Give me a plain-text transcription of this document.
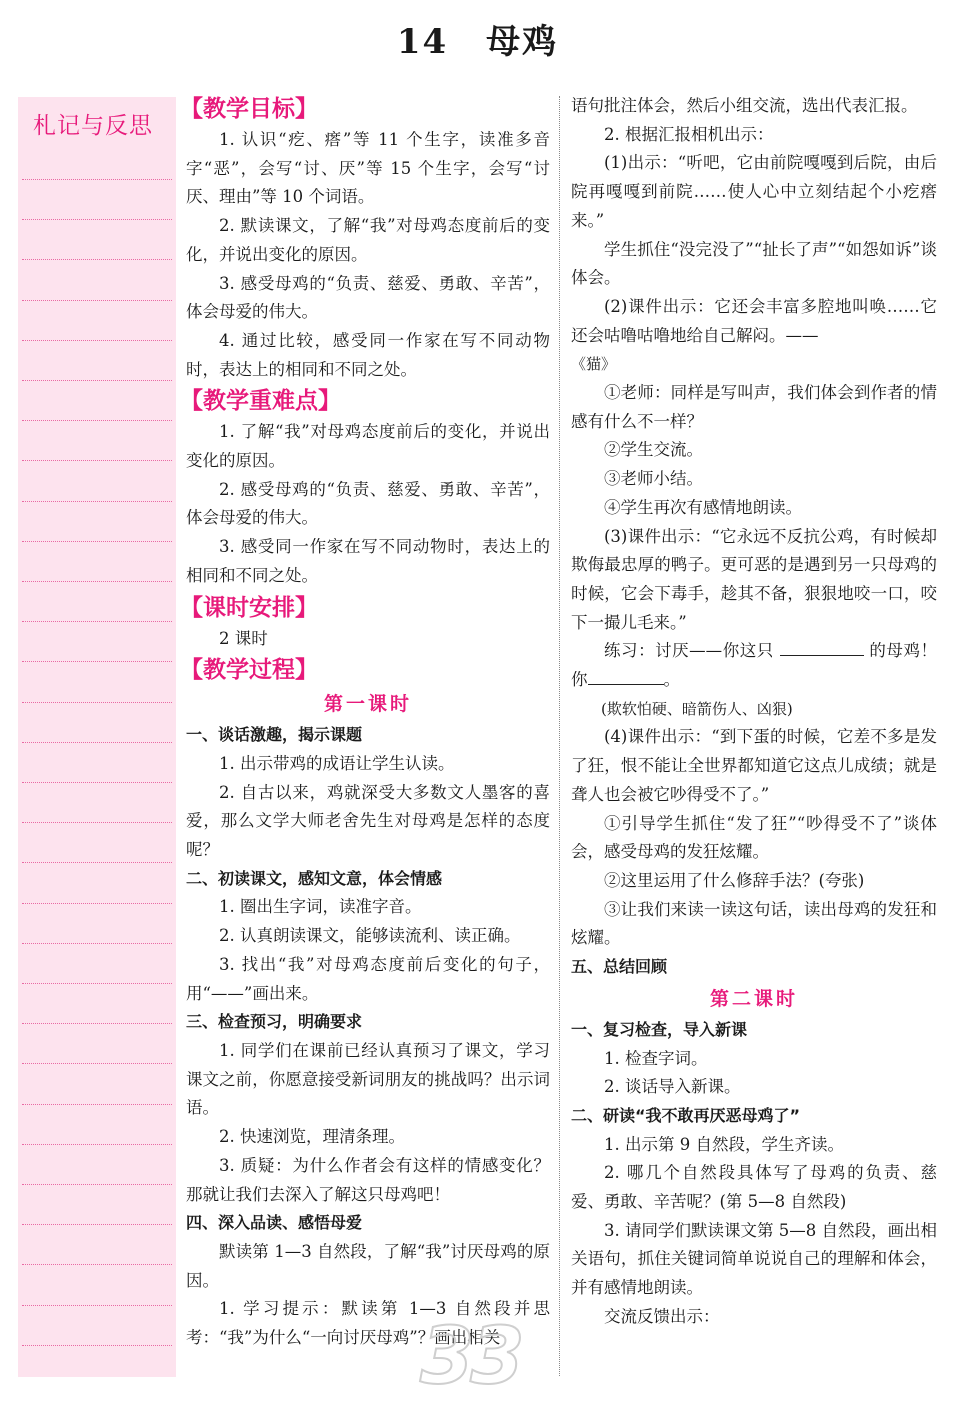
14 母鸡
札记与反思

【教学目标】

1. 认识“疙、瘩”等 11 个生字，读准多音字“恶”，会写“讨、厌”等 15 个生字，会写“讨厌、理由”等 10 个词语。

2. 默读课文，了解“我”对母鸡态度前后的变化，并说出变化的原因。

3. 感受母鸡的“负责、慈爱、勇敢、辛苦”，体会母爱的伟大。

4. 通过比较，感受同一作家在写不同动物时，表达上的相同和不同之处。

【教学重难点】

1. 了解“我”对母鸡态度前后的变化，并说出变化的原因。

2. 感受母鸡的“负责、慈爱、勇敢、辛苦”，体会母爱的伟大。

3. 感受同一作家在写不同动物时，表达上的相同和不同之处。

【课时安排】

2 课时

【教学过程】

第一课时

一、谈话激趣，揭示课题

1. 出示带鸡的成语让学生认读。

2. 自古以来，鸡就深受大多数文人墨客的喜爱，那么文学大师老舍先生对母鸡是怎样的态度呢？

二、初读课文，感知文意，体会情感

1. 圈出生字词，读准字音。

2. 认真朗读课文，能够读流利、读正确。

3. 找出“我”对母鸡态度前后变化的句子，用“——”画出来。

三、检查预习，明确要求

1. 同学们在课前已经认真预习了课文，学习课文之前，你愿意接受新词朋友的挑战吗？出示词语。

2. 快速浏览，理清条理。

3. 质疑：为什么作者会有这样的情感变化？那就让我们去深入了解这只母鸡吧！

四、深入品读、感悟母爱

默读第 1—3 自然段，了解“我”讨厌母鸡的原因。

1. 学习提示：默读第 1—3 自然段并思考：“我”为什么“一向讨厌母鸡”？画出相关

语句批注体会，然后小组交流，选出代表汇报。

2. 根据汇报相机出示：

(1)出示：“听吧，它由前院嘎嘎到后院，由后院再嘎嘎到前院……使人心中立刻结起个小疙瘩来。”

学生抓住“没完没了”“扯长了声”“如怨如诉”谈体会。

(2)课件出示：它还会丰富多腔地叫唤……它还会咕噜咕噜地给自己解闷。——

《猫》

①老师：同样是写叫声，我们体会到作者的情感有什么不一样？

②学生交流。

③老师小结。

④学生再次有感情地朗读。

(3)课件出示：“它永远不反抗公鸡，有时候却欺侮最忠厚的鸭子。更可恶的是遇到另一只母鸡的时候，它会下毒手，趁其不备，狠狠地咬一口，咬下一撮儿毛来。”

练习：讨厌——你这只	的母鸡！你	。

(欺软怕硬、暗箭伤人、凶狠)

(4)课件出示：“到下蛋的时候，它差不多是发了狂，恨不能让全世界都知道它这点儿成绩；就是聋人也会被它吵得受不了。”

①引导学生抓住“发了狂”“吵得受不了”谈体会，感受母鸡的发狂炫耀。

②这里运用了什么修辞手法？(夸张)

③让我们来读一读这句话，读出母鸡的发狂和炫耀。

五、总结回顾

第二课时

一、复习检查，导入新课

1. 检查字词。

2. 谈话导入新课。

二、研读“我不敢再厌恶母鸡了”

1. 出示第 9 自然段，学生齐读。

2. 哪几个自然段具体写了母鸡的负责、慈爱、勇敢、辛苦呢？(第 5—8 自然段)

3. 请同学们默读课文第 5—8 自然段，画出相关语句，抓住关键词简单说说自己的理解和体会，并有感情地朗读。

交流反馈出示：

33
